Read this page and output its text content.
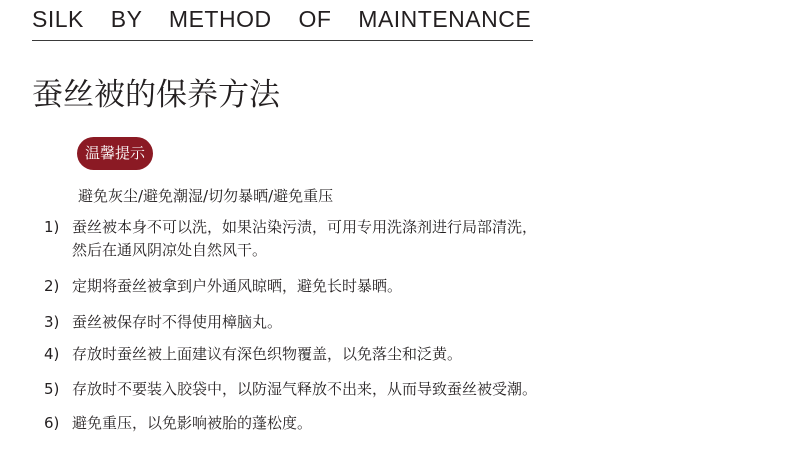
SILK BY METHOD OF MAINTENANCE
蚕丝被的保养方法
温馨提示
避免灰尘/避免潮湿/切勿暴晒/避免重压
1) 蚕丝被本身不可以洗，如果沾染污渍，可用专用洗涤剂进行局部清洗，
然后在通风阴凉处自然风干。
2) 定期将蚕丝被拿到户外通风晾晒，避免长时暴晒。
3) 蚕丝被保存时不得使用樟脑丸。
4) 存放时蚕丝被上面建议有深色织物覆盖，以免落尘和泛黄。
5) 存放时不要装入胶袋中，以防湿气释放不出来，从而导致蚕丝被受潮。
6) 避免重压，以免影响被胎的蓬松度。
